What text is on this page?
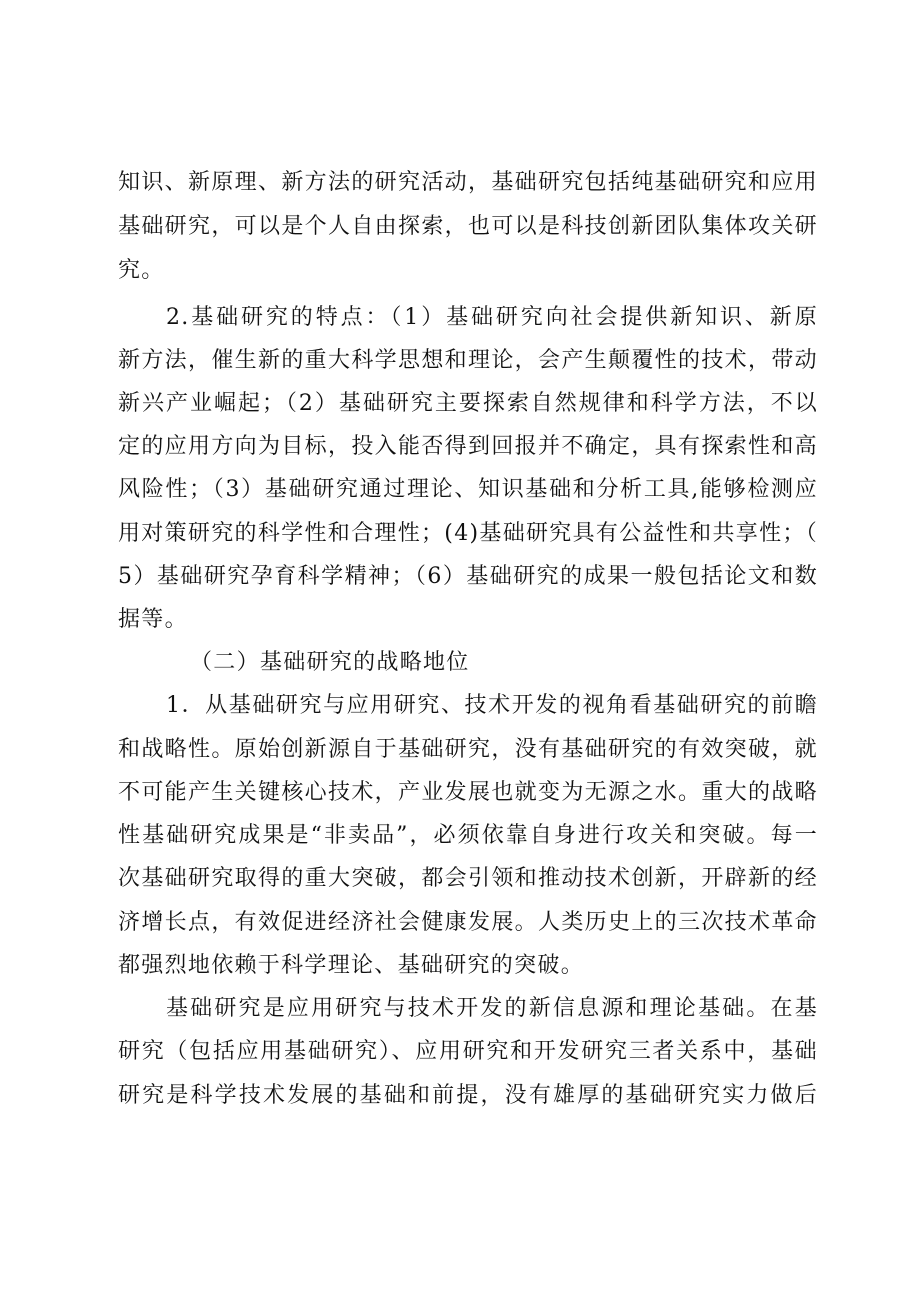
知识、新原理、新方法的研究活动，基础研究包括纯基础研究和应用
基础研究，可以是个人自由探索，也可以是科技创新团队集体攻关研
究。
2.基础研究的特点：（1）基础研究向社会提供新知识、新原
新方法，催生新的重大科学思想和理论，会产生颠覆性的技术，带动
新兴产业崛起；（2）基础研究主要探索自然规律和科学方法，不以
定的应用方向为目标，投入能否得到回报并不确定，具有探索性和高
风险性；（3）基础研究通过理论、知识基础和分析工具,能够检测应
用对策研究的科学性和合理性；(4)基础研究具有公益性和共享性；（
5）基础研究孕育科学精神；（6）基础研究的成果一般包括论文和数
据等。
（二）基础研究的战略地位
1．从基础研究与应用研究、技术开发的视角看基础研究的前瞻
和战略性。原始创新源自于基础研究，没有基础研究的有效突破，就
不可能产生关键核心技术，产业发展也就变为无源之水。重大的战略
性基础研究成果是“非卖品”，必须依靠自身进行攻关和突破。每一
次基础研究取得的重大突破，都会引领和推动技术创新，开辟新的经
济增长点，有效促进经济社会健康发展。人类历史上的三次技术革命
都强烈地依赖于科学理论、基础研究的突破。
基础研究是应用研究与技术开发的新信息源和理论基础。在基
研究（包括应用基础研究）、应用研究和开发研究三者关系中，基础
研究是科学技术发展的基础和前提，没有雄厚的基础研究实力做后
